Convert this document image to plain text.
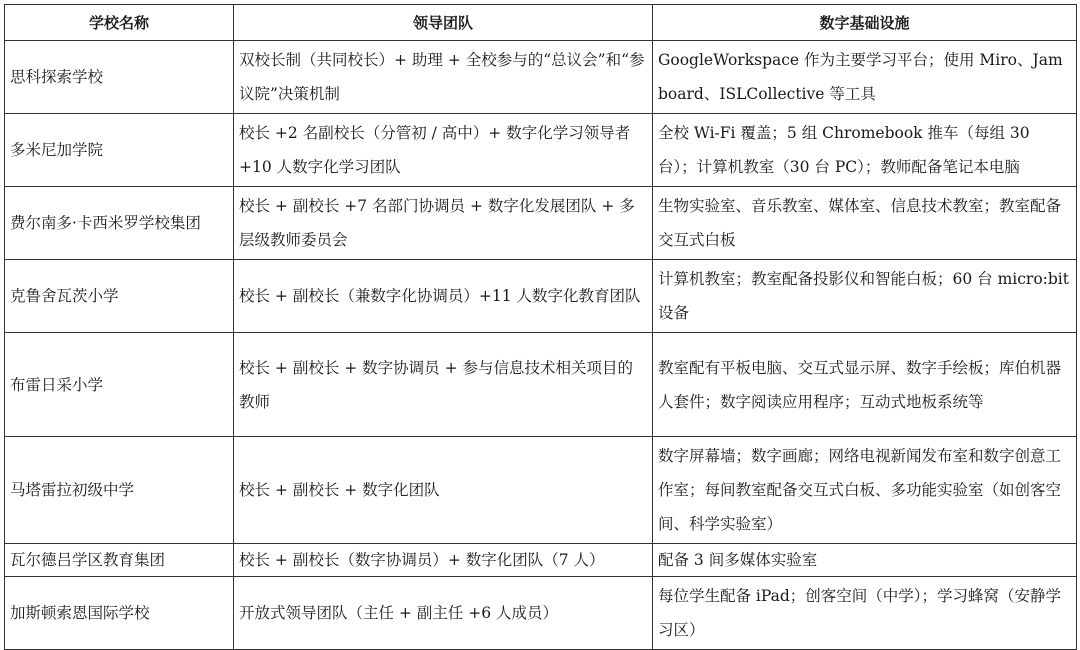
学校名称	领导团队	数字基础设施
思科探索学校	双校长制（共同校长）+ 助理 + 全校参与的“总议会”和“参议院”决策机制	GoogleWorkspace 作为主要学习平台；使用 Miro、Jamboard、ISLCollective 等工具
多米尼加学院	校长 +2 名副校长（分管初 / 高中）+ 数字化学习领导者 +10 人数字化学习团队	全校 Wi-Fi 覆盖；5 组 Chromebook 推车（每组 30 台）；计算机教室（30 台 PC）；教师配备笔记本电脑
费尔南多·卡西米罗学校集团	校长 + 副校长 +7 名部门协调员 + 数字化发展团队 + 多层级教师委员会	生物实验室、音乐教室、媒体室、信息技术教室；教室配备交互式白板
克鲁舍瓦茨小学	校长 + 副校长（兼数字化协调员）+11 人数字化教育团队	计算机教室；教室配备投影仪和智能白板；60 台 micro:bit 设备
布雷日采小学	校长 + 副校长 + 数字协调员 + 参与信息技术相关项目的教师	教室配有平板电脑、交互式显示屏、数字手绘板；库伯机器人套件；数字阅读应用程序；互动式地板系统等
马塔雷拉初级中学	校长 + 副校长 + 数字化团队	数字屏幕墙；数字画廊；网络电视新闻发布室和数字创意工作室；每间教室配备交互式白板、多功能实验室（如创客空间、科学实验室）
瓦尔德吕学区教育集团	校长 + 副校长（数字协调员）+ 数字化团队（7 人）	配备 3 间多媒体实验室
加斯顿索恩国际学校	开放式领导团队（主任 + 副主任 +6 人成员）	每位学生配备 iPad；创客空间（中学）；学习蜂窝（安静学习区）
